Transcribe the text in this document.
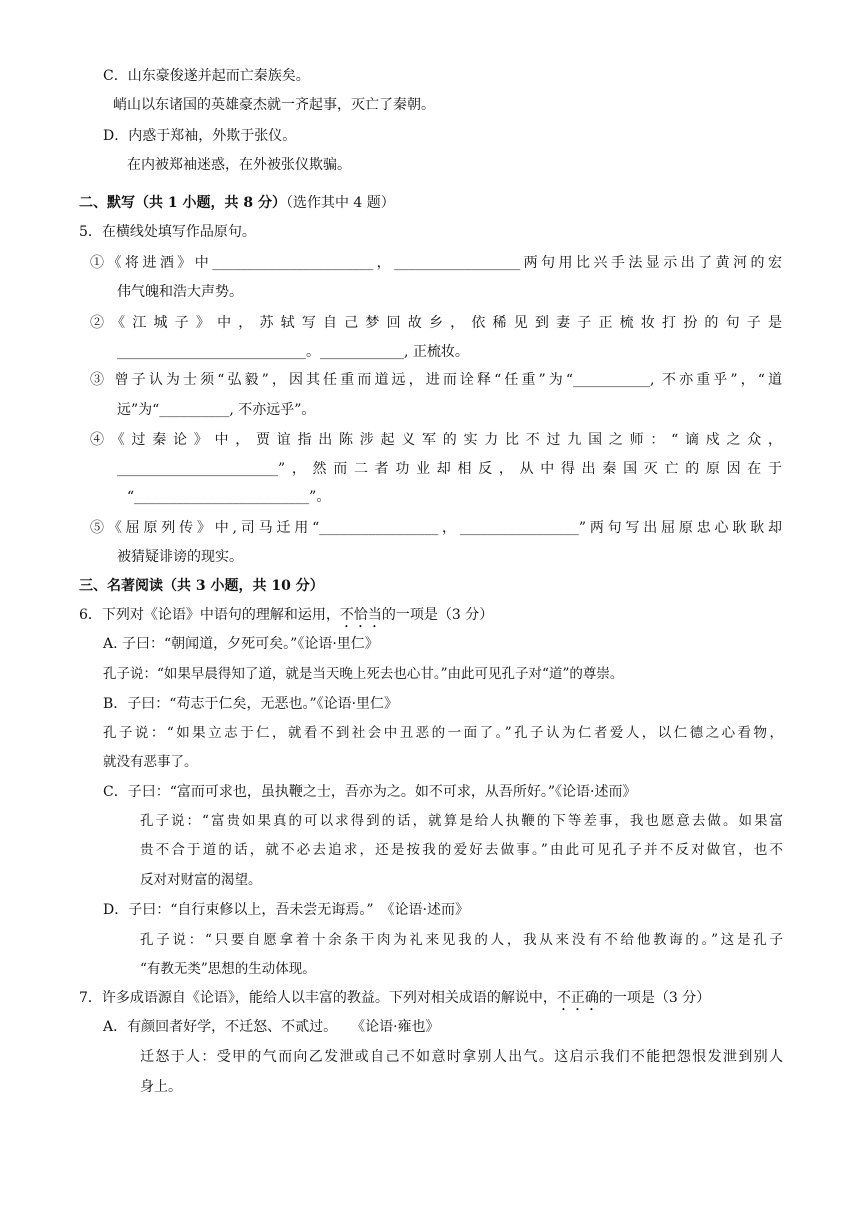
C．山东豪俊遂并起而亡秦族矣。
峭山以东诸国的英雄豪杰就一齐起事，灭亡了秦朝。
D．内惑于郑袖，外欺于张仪。
在内被郑袖迷惑，在外被张仪欺骗。
二、默写（共 1 小题，共 8 分）（选作其中 4 题）
5．在横线处填写作品原句。
①《将进酒》中_______________________，__________________两句用比兴手法显示出了黄河的宏
伟气魄和浩大声势。
②《江城子》中，苏轼写自己梦回故乡，依稀见到妻子正梳妆打扮的句子是
___________________________。____________, 正梳妆。
③ 曾子认为士须“弘毅”，因其任重而道远，进而诠释“任重”为“___________, 不亦重乎”，“道
远”为“__________, 不亦远乎”。
④《过秦论》中，贾谊指出陈涉起义军的实力比不过九国之师：“谪戍之众，
_______________________”，然而二者功业却相反，从中得出秦国灭亡的原因在于
“_________________________”。
⑤《屈原列传》中,司马迁用“_________________，_________________”两句写出屈原忠心耿耿却
被猜疑诽谤的现实。
三、名著阅读（共 3 小题，共 10 分）
6．下列对《论语》中语句的理解和运用，不恰当的一项是（3 分）
A. 子曰：“朝闻道，夕死可矣。”《论语·里仁》
孔子说：“如果早晨得知了道，就是当天晚上死去也心甘。”由此可见孔子对“道”的尊崇。
B．子曰：“苟志于仁矣，无恶也。”《论语·里仁》
孔子说：“如果立志于仁，就看不到社会中丑恶的一面了。”孔子认为仁者爱人，以仁德之心看物，
就没有恶事了。
C．子曰：“富而可求也，虽执鞭之士，吾亦为之。如不可求，从吾所好。”《论语·述而》
孔子说：“富贵如果真的可以求得到的话，就算是给人执鞭的下等差事，我也愿意去做。如果富
贵不合于道的话，就不必去追求，还是按我的爱好去做事。”由此可见孔子并不反对做官，也不
反对对财富的渴望。
D．子曰：“自行束修以上，吾未尝无诲焉。”　《论语·述而》
孔子说：“只要自愿拿着十余条干肉为礼来见我的人，我从来没有不给他教诲的。”这是孔子
“有教无类”思想的生动体现。
7．许多成语源自《论语》，能给人以丰富的教益。下列对相关成语的解说中，不正确的一项是（3 分）
A．有颜回者好学，不迁怒、不贰过。　　《论语·雍也》
迁怒于人：受甲的气而向乙发泄或自己不如意时拿别人出气。这启示我们不能把怨恨发泄到别人
身上。
